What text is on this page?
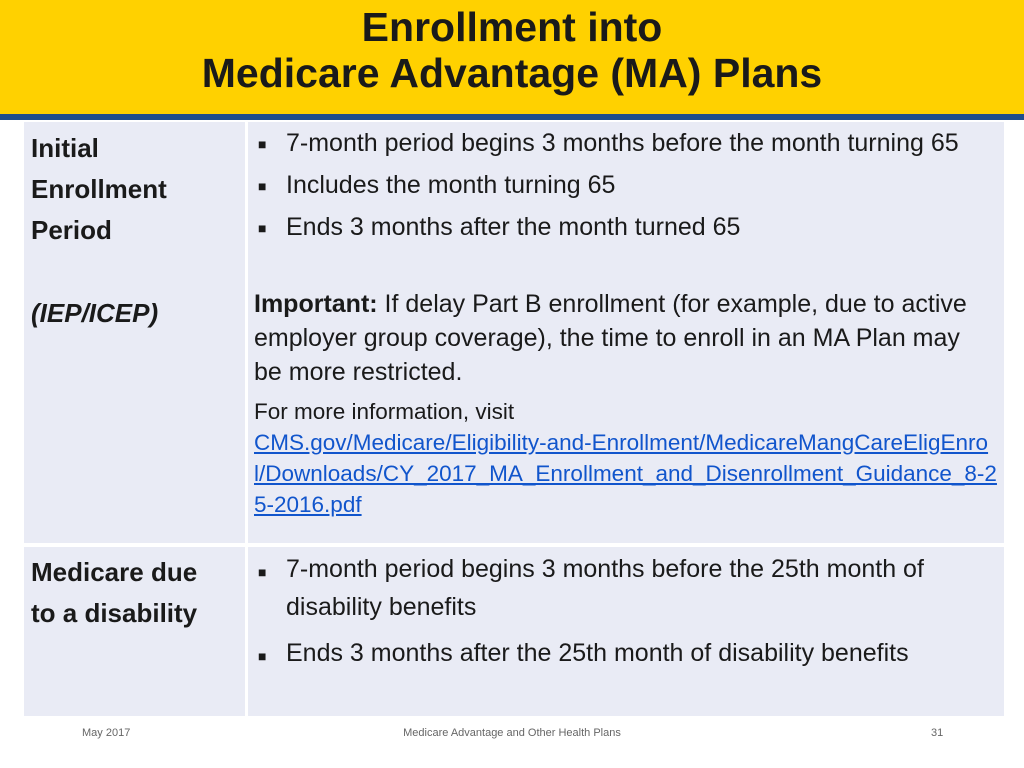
Enrollment into
Medicare Advantage (MA) Plans
Initial
Enrollment
Period
(IEP/ICEP)
■ 7-month period begins 3 months before the month turning 65
■ Includes the month turning 65
■ Ends 3 months after the month turned 65
Important: If delay Part B enrollment (for example, due to active employer group coverage), the time to enroll in an MA Plan may be more restricted.
For more information, visit
CMS.gov/Medicare/Eligibility-and-Enrollment/MedicareMangCareEligEnrol/Downloads/CY_2017_MA_Enrollment_and_Disenrollment_Guidance_8-25-2016.pdf
Medicare due
to a disability
■ 7-month period begins 3 months before the 25th month of disability benefits
■ Ends 3 months after the 25th month of disability benefits
May 2017	Medicare Advantage and Other Health Plans	31
